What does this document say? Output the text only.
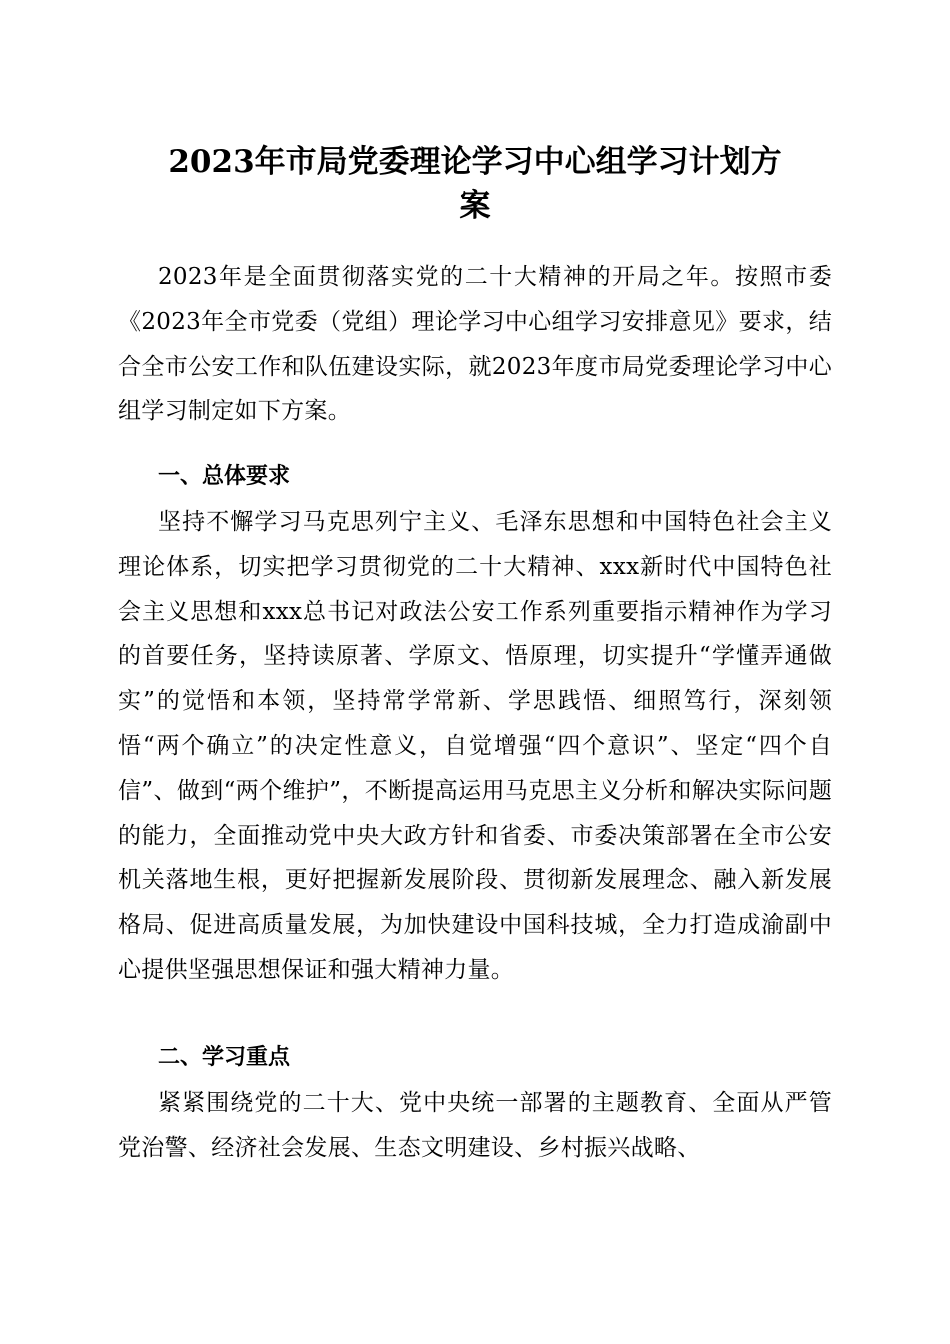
2023年市局党委理论学习中心组学习计划方
案

2023年是全面贯彻落实党的二十大精神的开局之年。按照市委《2023年全市党委（党组）理论学习中心组学习安排意见》要求，结合全市公安工作和队伍建设实际，就2023年度市局党委理论学习中心组学习制定如下方案。

一、总体要求

坚持不懈学习马克思列宁主义、毛泽东思想和中国特色社会主义理论体系，切实把学习贯彻党的二十大精神、xxx新时代中国特色社会主义思想和xxx总书记对政法公安工作系列重要指示精神作为学习的首要任务，坚持读原著、学原文、悟原理，切实提升“学懂弄通做实”的觉悟和本领，坚持常学常新、学思践悟、细照笃行，深刻领悟“两个确立”的决定性意义，自觉增强“四个意识”、坚定“四个自信”、做到“两个维护”，不断提高运用马克思主义分析和解决实际问题的能力，全面推动党中央大政方针和省委、市委决策部署在全市公安机关落地生根，更好把握新发展阶段、贯彻新发展理念、融入新发展格局、促进高质量发展，为加快建设中国科技城，全力打造成渝副中心提供坚强思想保证和强大精神力量。

二、学习重点

紧紧围绕党的二十大、党中央统一部署的主题教育、全面从严管党治警、经济社会发展、生态文明建设、乡村振兴战略、
